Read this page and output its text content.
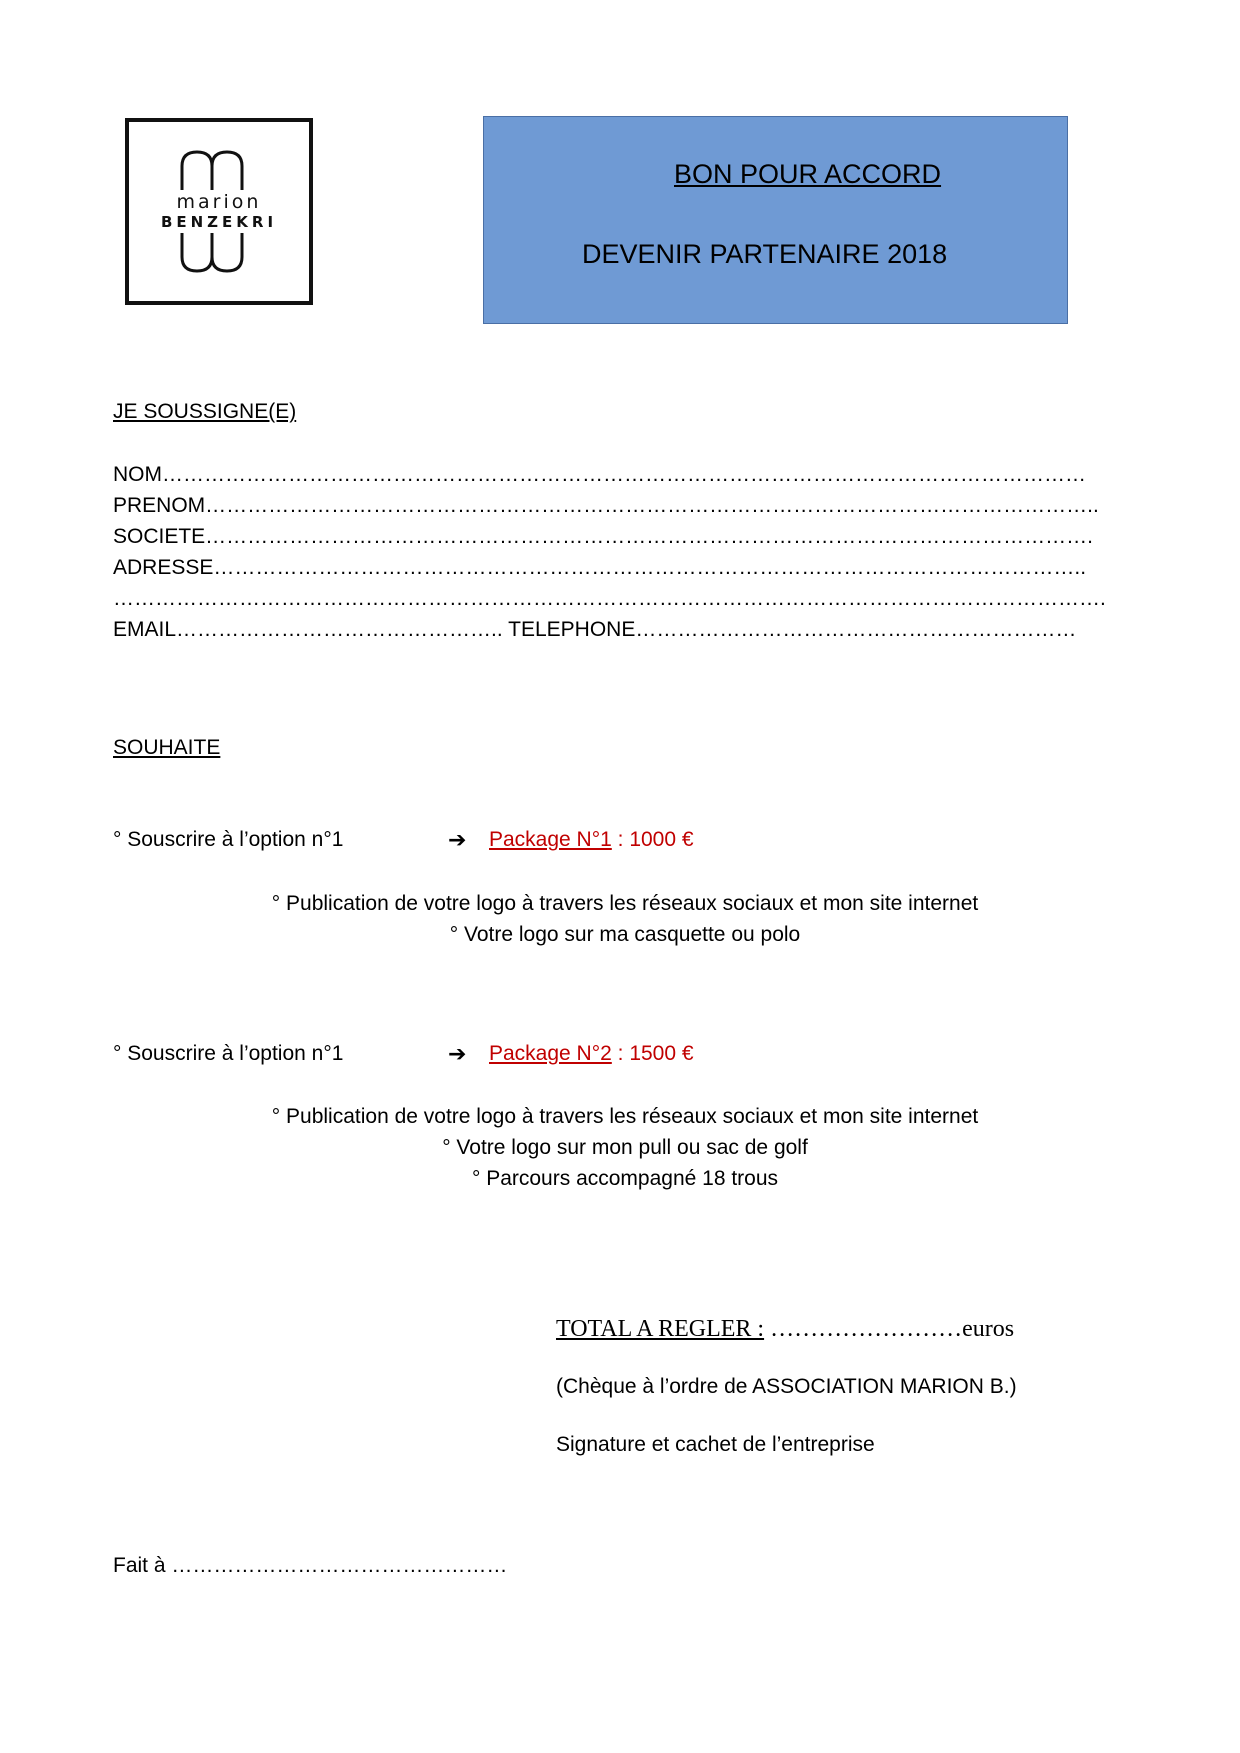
marion
BENZEKRI
BON POUR ACCORD
DEVENIR PARTENAIRE 2018
JE SOUSSIGNE(E)
NOM……………………………………………………………………………………………………………………
PRENOM………………………………………………………………………………………………………………..
SOCIETE……………………………………………………………………………………………………………….
ADRESSE……………………………………………………………………………………………………………..
…………………………………………………………………………………………………………………………….
EMAIL……………………………………….. TELEPHONE………………………………………………………
SOUHAITE
° Souscrire à l’option n°1	➔ Package N°1 : 1000 €
° Publication de votre logo à travers les réseaux sociaux et mon site internet
° Votre logo sur ma casquette ou polo
° Souscrire à l’option n°1	➔ Package N°2 : 1500 €
° Publication de votre logo à travers les réseaux sociaux et mon site internet
° Votre logo sur mon pull ou sac de golf
° Parcours accompagné 18 trous
TOTAL A REGLER : ……………………euros
(Chèque à l’ordre de ASSOCIATION MARION B.)
Signature et cachet de l’entreprise
Fait à …………………………………………
